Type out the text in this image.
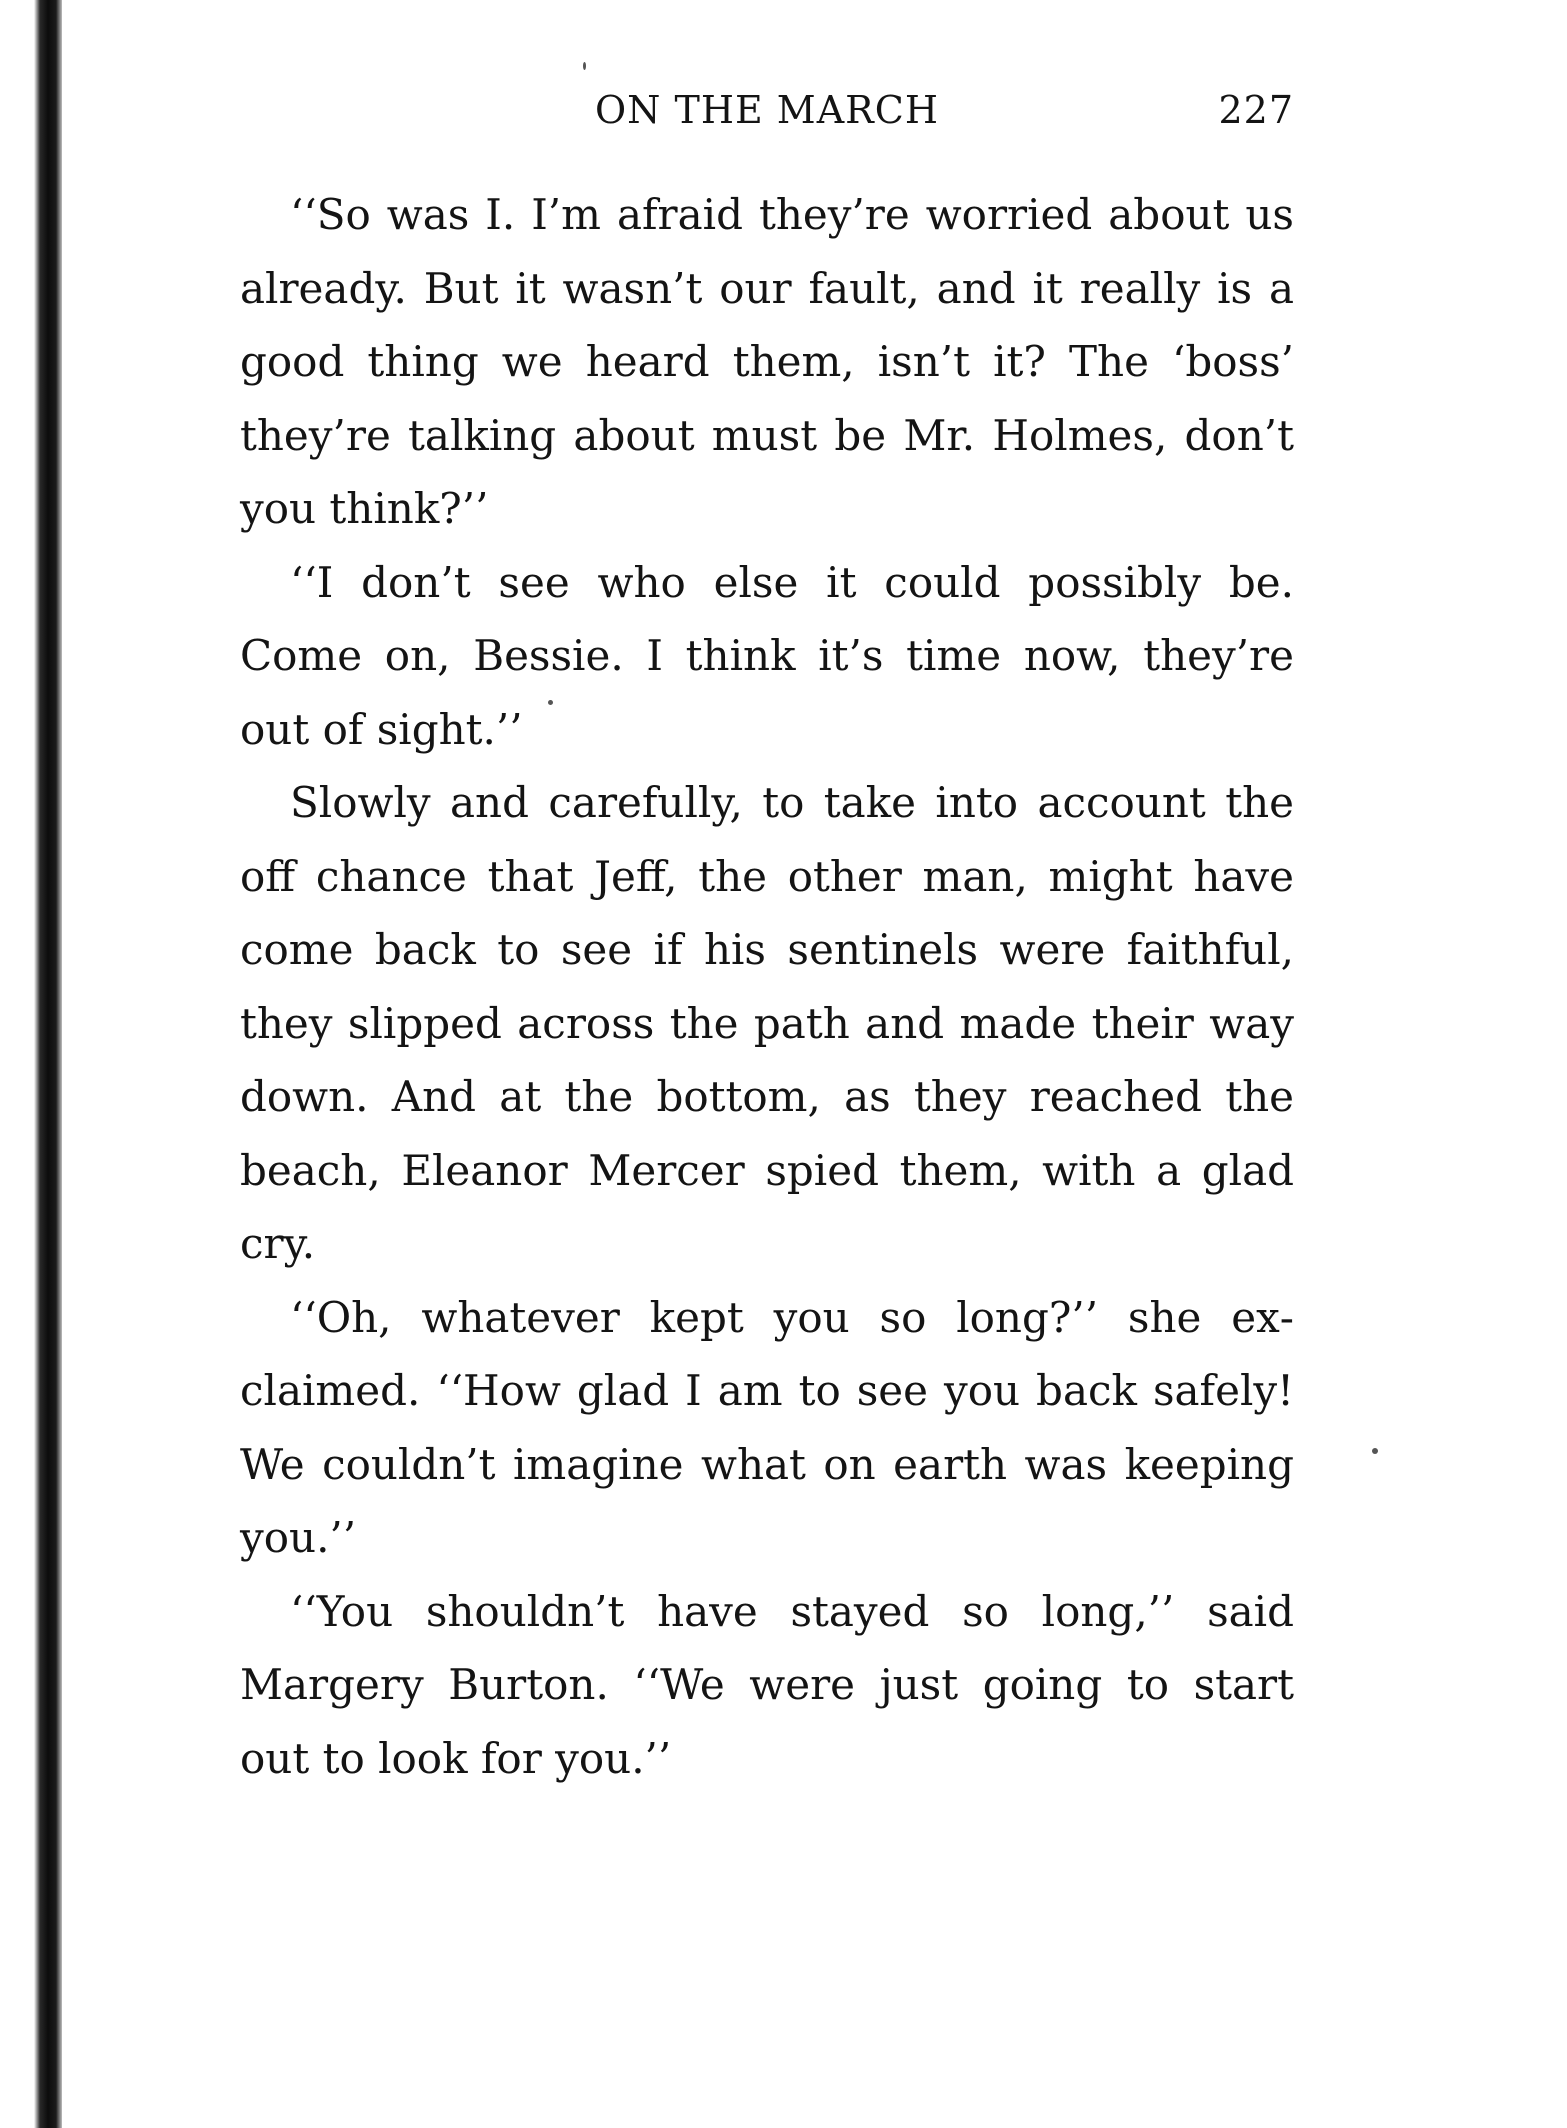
ON THE MARCH	227

‘‘So was I. I’m afraid they’re worried about us already. But it wasn’t our fault, and it really is a good thing we heard them, isn’t it? The ‘boss’ they’re talking about must be Mr. Holmes, don’t you think?’’

‘‘I don’t see who else it could possibly be. Come on, Bessie. I think it’s time now, they’re out of sight.’’

Slowly and carefully, to take into account the off chance that Jeff, the other man, might have come back to see if his sentinels were faithful, they slipped across the path and made their way down. And at the bottom, as they reached the beach, Eleanor Mercer spied them, with a glad cry.

‘‘Oh, whatever kept you so long?’’ she exclaimed. ‘‘How glad I am to see you back safely! We couldn’t imagine what on earth was keeping you.’’

‘‘You shouldn’t have stayed so long,’’ said Margery Burton. ‘‘We were just going to start out to look for you.’’
